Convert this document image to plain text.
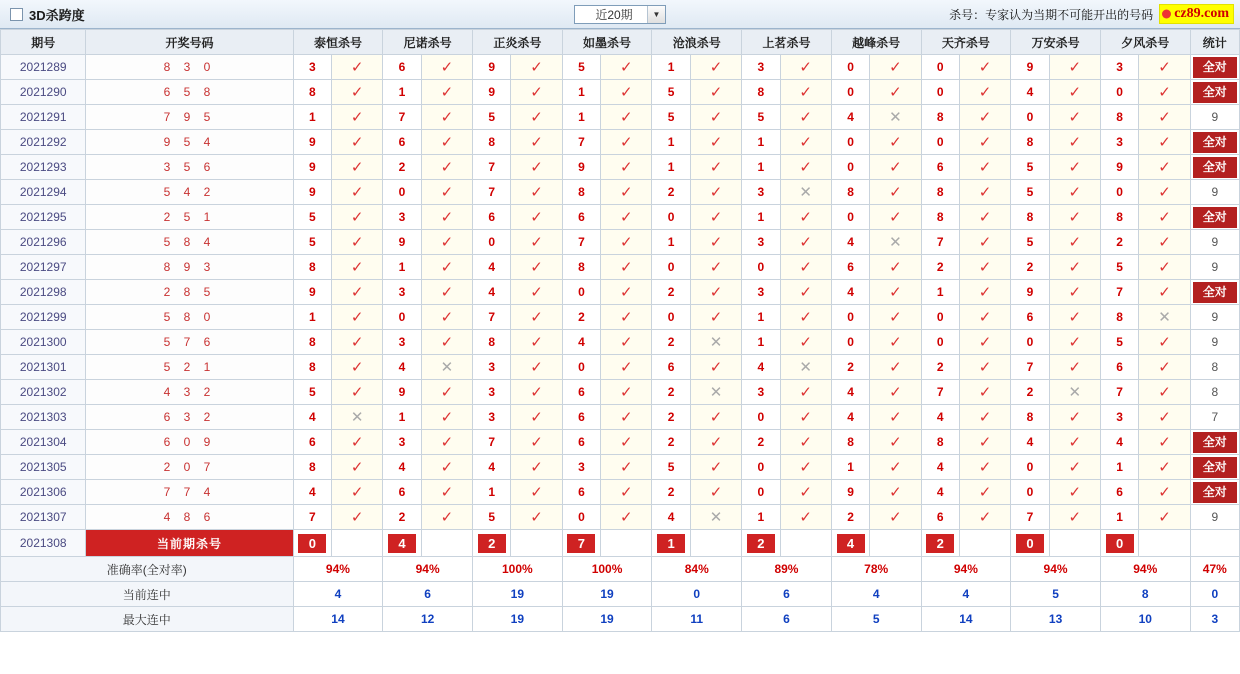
3D杀跨度	近20期	▼	杀号：专家认为当期不可能开出的号码	cz89.com
期号	开奖号码	泰恒杀号		尼诺杀号		正炎杀号		如墨杀号		沧浪杀号		上茗杀号		越峰杀号		天齐杀号		万安杀号		夕风杀号		统计
2021289	8 3 0	3	✓	6	✓	9	✓	5	✓	1	✓	3	✓	0	✓	0	✓	9	✓	3	✓	全对

2021290	6 5 8	8	✓	1	✓	9	✓	1	✓	5	✓	8	✓	0	✓	0	✓	4	✓	0	✓	全对

2021291	7 9 5	1	✓	7	✓	5	✓	1	✓	5	✓	5	✓	4	✕	8	✓	0	✓	8	✓	9
2021292	9 5 4	9	✓	6	✓	8	✓	7	✓	1	✓	1	✓	0	✓	0	✓	8	✓	3	✓	全对

2021293	3 5 6	9	✓	2	✓	7	✓	9	✓	1	✓	1	✓	0	✓	6	✓	5	✓	9	✓	全对

2021294	5 4 2	9	✓	0	✓	7	✓	8	✓	2	✓	3	✕	8	✓	8	✓	5	✓	0	✓	9
2021295	2 5 1	5	✓	3	✓	6	✓	6	✓	0	✓	1	✓	0	✓	8	✓	8	✓	8	✓	全对

2021296	5 8 4	5	✓	9	✓	0	✓	7	✓	1	✓	3	✓	4	✕	7	✓	5	✓	2	✓	9
2021297	8 9 3	8	✓	1	✓	4	✓	8	✓	0	✓	0	✓	6	✓	2	✓	2	✓	5	✓	9
2021298	2 8 5	9	✓	3	✓	4	✓	0	✓	2	✓	3	✓	4	✓	1	✓	9	✓	7	✓	全对

2021299	5 8 0	1	✓	0	✓	7	✓	2	✓	0	✓	1	✓	0	✓	0	✓	6	✓	8	✕	9
2021300	5 7 6	8	✓	3	✓	8	✓	4	✓	2	✕	1	✓	0	✓	0	✓	0	✓	5	✓	9
2021301	5 2 1	8	✓	4	✕	3	✓	0	✓	6	✓	4	✕	2	✓	2	✓	7	✓	6	✓	8
2021302	4 3 2	5	✓	9	✓	3	✓	6	✓	2	✕	3	✓	4	✓	7	✓	2	✕	7	✓	8
2021303	6 3 2	4	✕	1	✓	3	✓	6	✓	2	✓	0	✓	4	✓	4	✓	8	✓	3	✓	7
2021304	6 0 9	6	✓	3	✓	7	✓	6	✓	2	✓	2	✓	8	✓	8	✓	4	✓	4	✓	全对

2021305	2 0 7	8	✓	4	✓	4	✓	3	✓	5	✓	0	✓	1	✓	4	✓	0	✓	1	✓	全对

2021306	7 7 4	4	✓	6	✓	1	✓	6	✓	2	✓	0	✓	9	✓	4	✓	0	✓	6	✓	全对

2021307	4 8 6	7	✓	2	✓	5	✓	0	✓	4	✕	1	✓	2	✓	6	✓	7	✓	1	✓	9
2021308	当前期杀号	0		4		2		7		1		2		4		2		0		0		
准确率(全对率)		94%		94%		100%		100%		84%		89%		78%		94%		94%		94%		47%
当前连中		4		6		19		19		0		6		4		4		5		8		0
最大连中		14		12		19		19		11		6		5		14		13		10		3
